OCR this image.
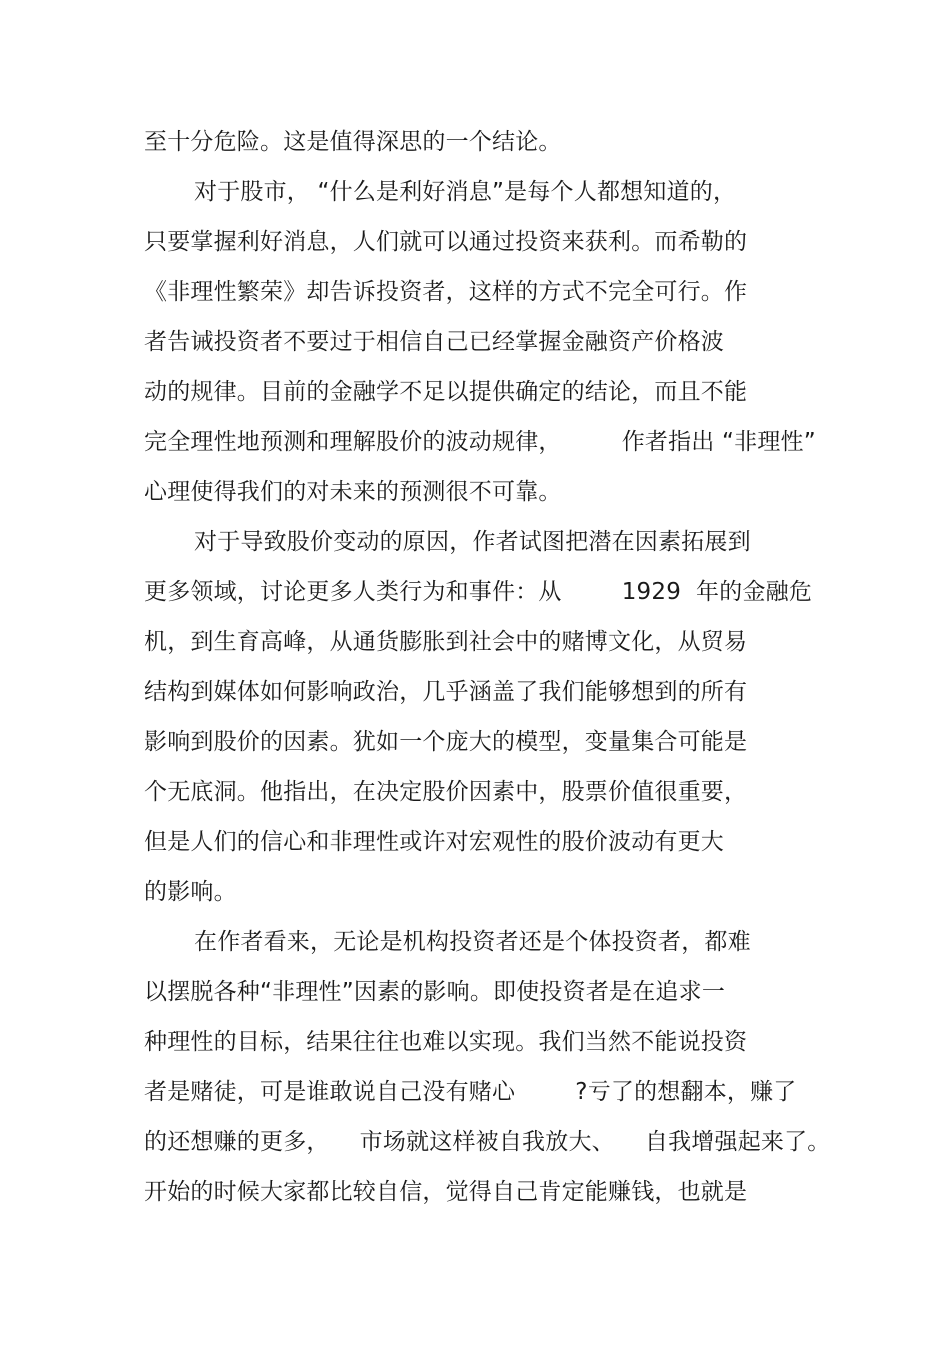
至十分危险。这是值得深思的一个结论。
对于股市， “什么是利好消息”是每个人都想知道的，
只要掌握利好消息，人们就可以通过投资来获利。而希勒的
《非理性繁荣》却告诉投资者，这样的方式不完全可行。作
者告诫投资者不要过于相信自己已经掌握金融资产价格波
动的规律。目前的金融学不足以提供确定的结论，而且不能
完全理性地预测和理解股价的波动规律，        作者指出 “非理性”
心理使得我们的对未来的预测很不可靠。
对于导致股价变动的原因，作者试图把潜在因素拓展到
更多领域，讨论更多人类行为和事件：从        1929  年的金融危
机，到生育高峰，从通货膨胀到社会中的赌博文化，从贸易
结构到媒体如何影响政治，几乎涵盖了我们能够想到的所有
影响到股价的因素。犹如一个庞大的模型，变量集合可能是
个无底洞。他指出，在决定股价因素中，股票价值很重要，
但是人们的信心和非理性或许对宏观性的股价波动有更大
的影响。
在作者看来，无论是机构投资者还是个体投资者，都难
以摆脱各种“非理性”因素的影响。即使投资者是在追求一
种理性的目标，结果往往也难以实现。我们当然不能说投资
者是赌徒，可是谁敢说自己没有赌心        ?亏了的想翻本，赚了
的还想赚的更多，    市场就这样被自我放大、    自我增强起来了。
开始的时候大家都比较自信，觉得自己肯定能赚钱，也就是
